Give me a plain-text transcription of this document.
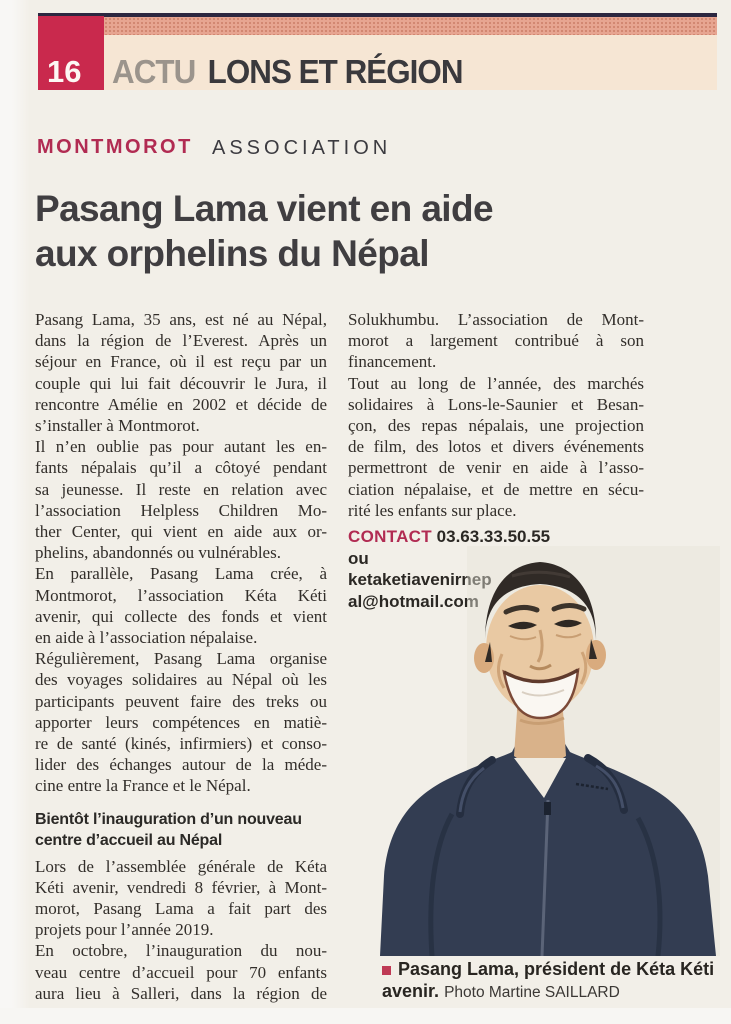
16 ACTU LONS ET RÉGION
MONTMOROT ASSOCIATION
Pasang Lama vient en aide
aux orphelins du Népal
Pasang Lama, 35 ans, est né au Népal,
dans la région de l’Everest. Après un
séjour en France, où il est reçu par un
couple qui lui fait découvrir le Jura, il
rencontre Amélie en 2002 et décide de
s’installer à Montmorot.
Il n’en oublie pas pour autant les en-
fants népalais qu’il a côtoyé pendant
sa jeunesse. Il reste en relation avec
l’association Helpless Children Mo-
ther Center, qui vient en aide aux or-
phelins, abandonnés ou vulnérables.
En parallèle, Pasang Lama crée, à
Montmorot, l’association Kéta Kéti
avenir, qui collecte des fonds et vient
en aide à l’association népalaise.
Régulièrement, Pasang Lama organise
des voyages solidaires au Népal où les
participants peuvent faire des treks ou
apporter leurs compétences en matiè-
re de santé (kinés, infirmiers) et conso-
lider des échanges autour de la méde-
cine entre la France et le Népal.
Bientôt l’inauguration d’un nouveau
centre d’accueil au Népal
Lors de l’assemblée générale de Kéta
Kéti avenir, vendredi 8 février, à Mont-
morot, Pasang Lama a fait part des
projets pour l’année 2019.
En octobre, l’inauguration du nou-
veau centre d’accueil pour 70 enfants
aura lieu à Salleri, dans la région de
Solukhumbu. L’association de Mont-
morot a largement contribué à son
financement.
Tout au long de l’année, des marchés
solidaires à Lons-le-Saunier et Besan-
çon, des repas népalais, une projection
de film, des lotos et divers événements
permettront de venir en aide à l’asso-
ciation népalaise, et de mettre en sécu-
rité les enfants sur place.
CONTACT 03.63.33.50.55
ou
ketaketiavenirnep
al@hotmail.com
Pasang Lama, président de Kéta Kéti avenir. Photo Martine SAILLARD
